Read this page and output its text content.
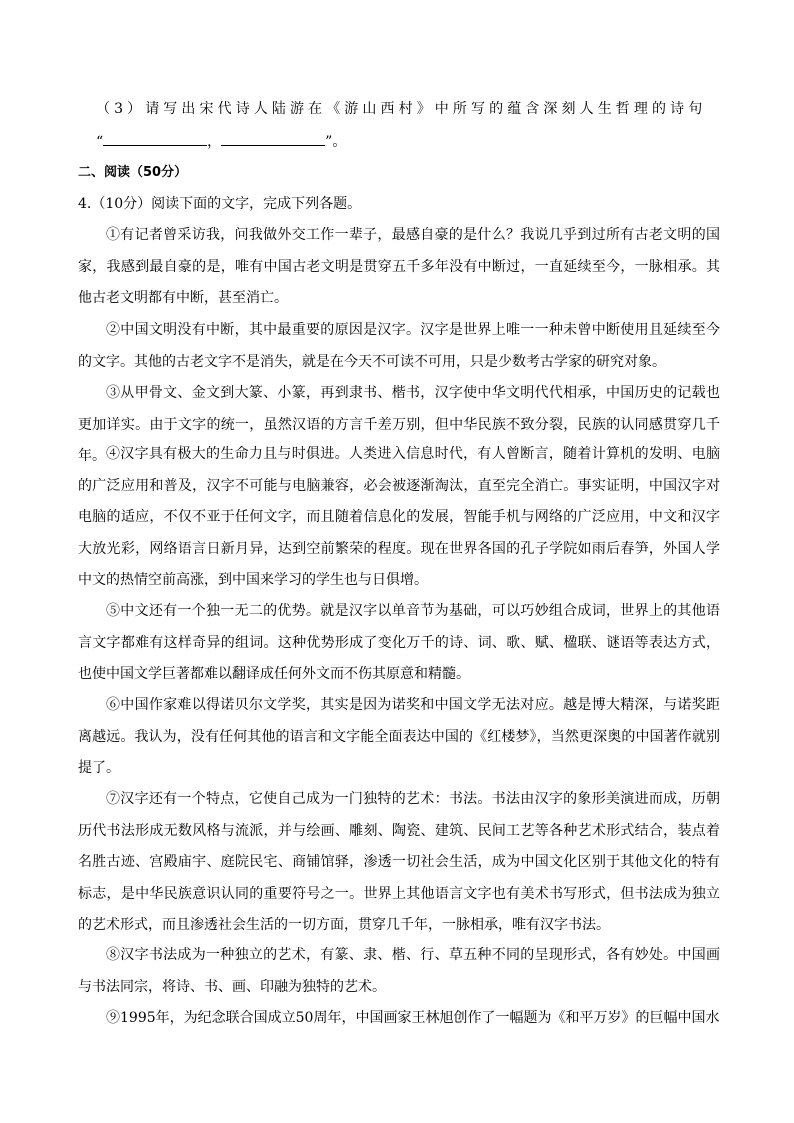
（3）请写出宋代诗人陆游在《游山西村》中所写的蕴含深刻人生哲理的诗句
“	，	”。
二、阅读（50分）
4.（10分）阅读下面的文字，完成下列各题。
①有记者曾采访我，问我做外交工作一辈子，最感自豪的是什么？我说几乎到过所有古老文明的国家，我感到最自豪的是，唯有中国古老文明是贯穿五千多年没有中断过，一直延续至今，一脉相承。其他古老文明都有中断，甚至消亡。
②中国文明没有中断，其中最重要的原因是汉字。汉字是世界上唯一一种未曾中断使用且延续至今的文字。其他的古老文字不是消失，就是在今天不可读不可用，只是少数考古学家的研究对象。
③从甲骨文、金文到大篆、小篆，再到隶书、楷书，汉字使中华文明代代相承，中国历史的记载也更加详实。由于文字的统一，虽然汉语的方言千差万别，但中华民族不致分裂，民族的认同感贯穿几千年。 ④汉字具有极大的生命力且与时俱进。人类进入信息时代，有人曾断言，随着计算机的发明、电脑的广泛应用和普及，汉字不可能与电脑兼容，必会被逐渐淘汰，直至完全消亡。事实证明，中国汉字对电脑的适应，不仅不亚于任何文字，而且随着信息化的发展，智能手机与网络的广泛应用，中文和汉字大放光彩，网络语言日新月异，达到空前繁荣的程度。现在世界各国的孔子学院如雨后春笋，外国人学中文的热情空前高涨，到中国来学习的学生也与日俱增。
⑤中文还有一个独一无二的优势。就是汉字以单音节为基础，可以巧妙组合成词，世界上的其他语言文字都难有这样奇异的组词。这种优势形成了变化万千的诗、词、歌、赋、楹联、谜语等表达方式，也使中国文学巨著都难以翻译成任何外文而不伤其原意和精髓。
⑥中国作家难以得诺贝尔文学奖，其实是因为诺奖和中国文学无法对应。越是博大精深，与诺奖距离越远。我认为，没有任何其他的语言和文字能全面表达中国的《红楼梦》，当然更深奥的中国著作就别提了。
⑦汉字还有一个特点，它使自己成为一门独特的艺术：书法。书法由汉字的象形美演进而成，历朝历代书法形成无数风格与流派，并与绘画、雕刻、陶瓷、建筑、民间工艺等各种艺术形式结合，装点着名胜古迹、宫殿庙宇、庭院民宅、商铺馆驿，渗透一切社会生活，成为中国文化区别于其他文化的特有标志，是中华民族意识认同的重要符号之一。世界上其他语言文字也有美术书写形式，但书法成为独立的艺术形式，而且渗透社会生活的一切方面，贯穿几千年，一脉相承，唯有汉字书法。
⑧汉字书法成为一种独立的艺术，有篆、隶、楷、行、草五种不同的呈现形式，各有妙处。中国画与书法同宗，将诗、书、画、印融为独特的艺术。
⑨1995年，为纪念联合国成立50周年，中国画家王林旭创作了一幅题为《和平万岁》的巨幅中国水
